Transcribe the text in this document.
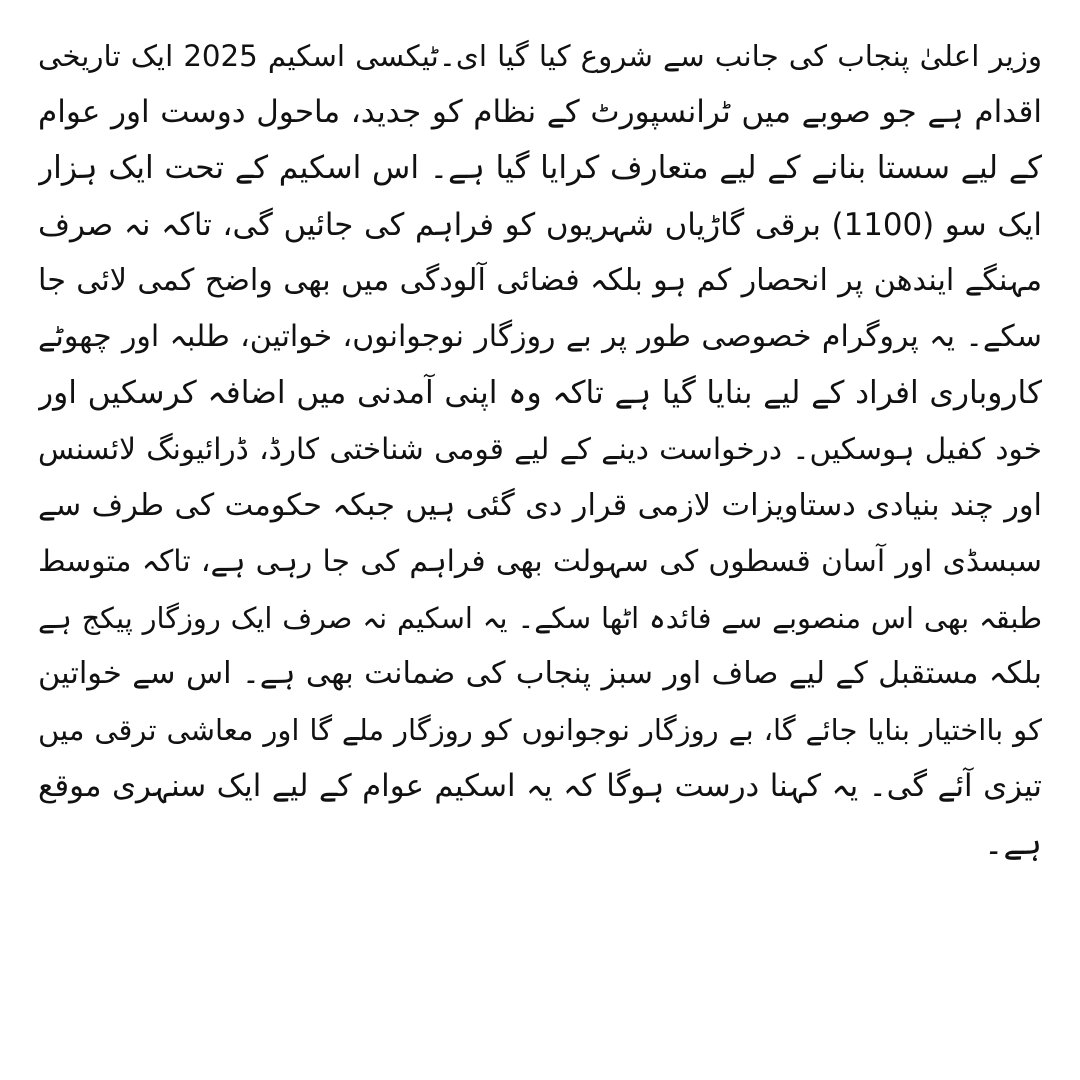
وزیر اعلیٰ پنجاب کی جانب سے شروع کیا گیا ای۔ٹیکسی اسکیم 2025 ایک تاریخی
اقدام ہے جو صوبے میں ٹرانسپورٹ کے نظام کو جدید، ماحول دوست اور عوام
کے لیے سستا بنانے کے لیے متعارف کرایا گیا ہے۔ اس اسکیم کے تحت ایک ہزار
ایک سو (1100) برقی گاڑیاں شہریوں کو فراہم کی جائیں گی، تاکہ نہ صرف
مہنگے ایندھن پر انحصار کم ہو بلکہ فضائی آلودگی میں بھی واضح کمی لائی جا
سکے۔ یہ پروگرام خصوصی طور پر بے روزگار نوجوانوں، خواتین، طلبہ اور چھوٹے
کاروباری افراد کے لیے بنایا گیا ہے تاکہ وہ اپنی آمدنی میں اضافہ کرسکیں اور
خود کفیل ہوسکیں۔ درخواست دینے کے لیے قومی شناختی کارڈ، ڈرائیونگ لائسنس
اور چند بنیادی دستاویزات لازمی قرار دی گئی ہیں جبکہ حکومت کی طرف سے
سبسڈی اور آسان قسطوں کی سہولت بھی فراہم کی جا رہی ہے، تاکہ متوسط
طبقہ بھی اس منصوبے سے فائدہ اٹھا سکے۔ یہ اسکیم نہ صرف ایک روزگار پیکج ہے
بلکہ مستقبل کے لیے صاف اور سبز پنجاب کی ضمانت بھی ہے۔ اس سے خواتین
کو بااختیار بنایا جائے گا، بے روزگار نوجوانوں کو روزگار ملے گا اور معاشی ترقی میں
تیزی آئے گی۔ یہ کہنا درست ہوگا کہ یہ اسکیم عوام کے لیے ایک سنہری موقع
ہے۔
